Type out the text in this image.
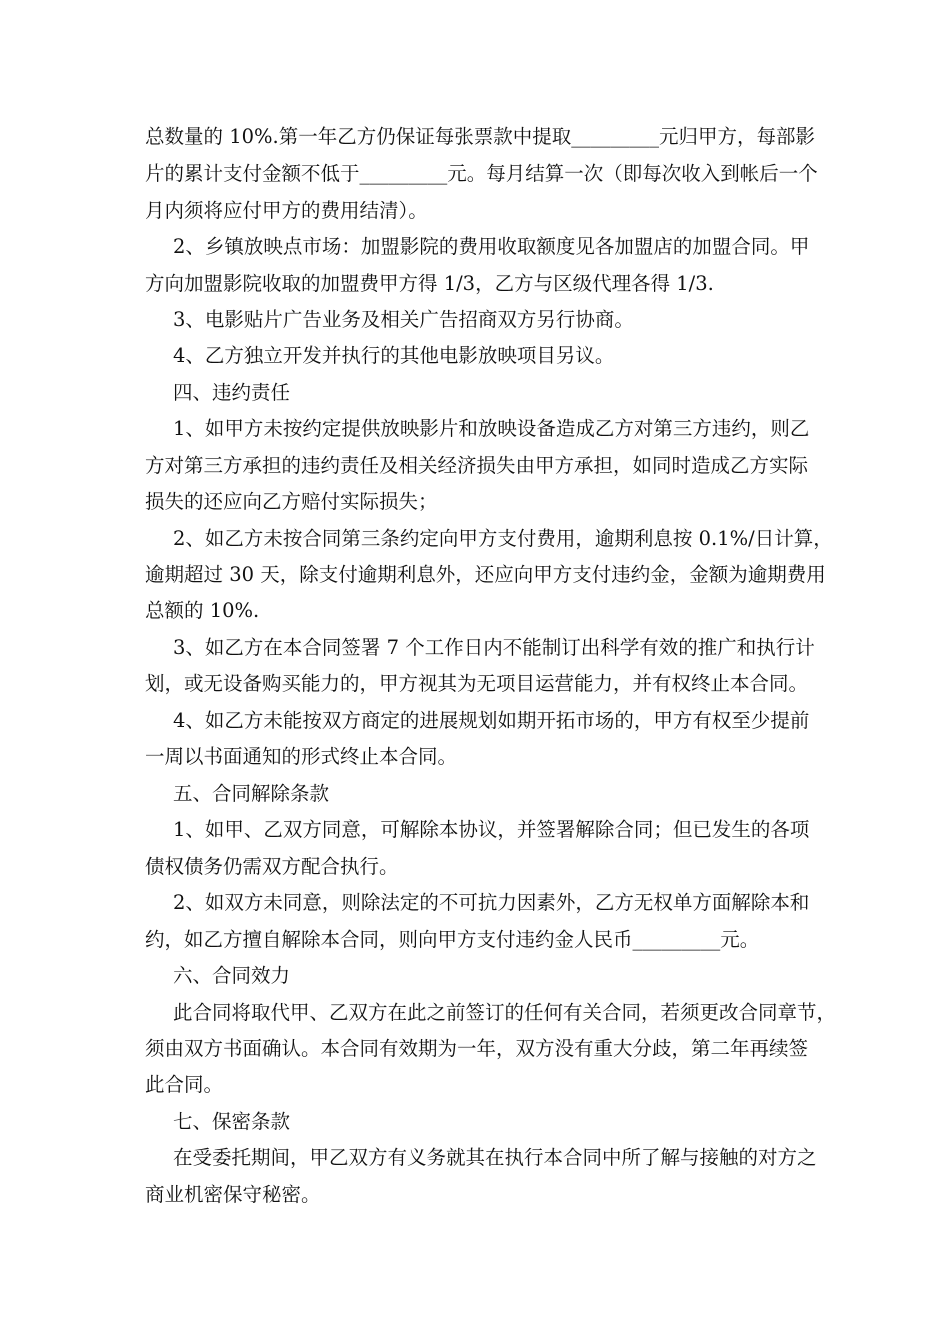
总数量的 10%.第一年乙方仍保证每张票款中提取_________元归甲方，每部影
片的累计支付金额不低于_________元。每月结算一次（即每次收入到帐后一个
月内须将应付甲方的费用结清）。
2、乡镇放映点市场：加盟影院的费用收取额度见各加盟店的加盟合同。甲
方向加盟影院收取的加盟费甲方得 1/3，乙方与区级代理各得 1/3.
3、电影贴片广告业务及相关广告招商双方另行协商。
4、乙方独立开发并执行的其他电影放映项目另议。
四、违约责任
1、如甲方未按约定提供放映影片和放映设备造成乙方对第三方违约，则乙
方对第三方承担的违约责任及相关经济损失由甲方承担，如同时造成乙方实际
损失的还应向乙方赔付实际损失；
2、如乙方未按合同第三条约定向甲方支付费用，逾期利息按 0.1%/日计算，
逾期超过 30 天，除支付逾期利息外，还应向甲方支付违约金，金额为逾期费用
总额的 10%.
3、如乙方在本合同签署 7 个工作日内不能制订出科学有效的推广和执行计
划，或无设备购买能力的，甲方视其为无项目运营能力，并有权终止本合同。
4、如乙方未能按双方商定的进展规划如期开拓市场的，甲方有权至少提前
一周以书面通知的形式终止本合同。
五、合同解除条款
1、如甲、乙双方同意，可解除本协议，并签署解除合同；但已发生的各项
债权债务仍需双方配合执行。
2、如双方未同意，则除法定的不可抗力因素外，乙方无权单方面解除本和
约，如乙方擅自解除本合同，则向甲方支付违约金人民币_________元。
六、合同效力
此合同将取代甲、乙双方在此之前签订的任何有关合同，若须更改合同章节，
须由双方书面确认。本合同有效期为一年，双方没有重大分歧，第二年再续签
此合同。
七、保密条款
在受委托期间，甲乙双方有义务就其在执行本合同中所了解与接触的对方之
商业机密保守秘密。
